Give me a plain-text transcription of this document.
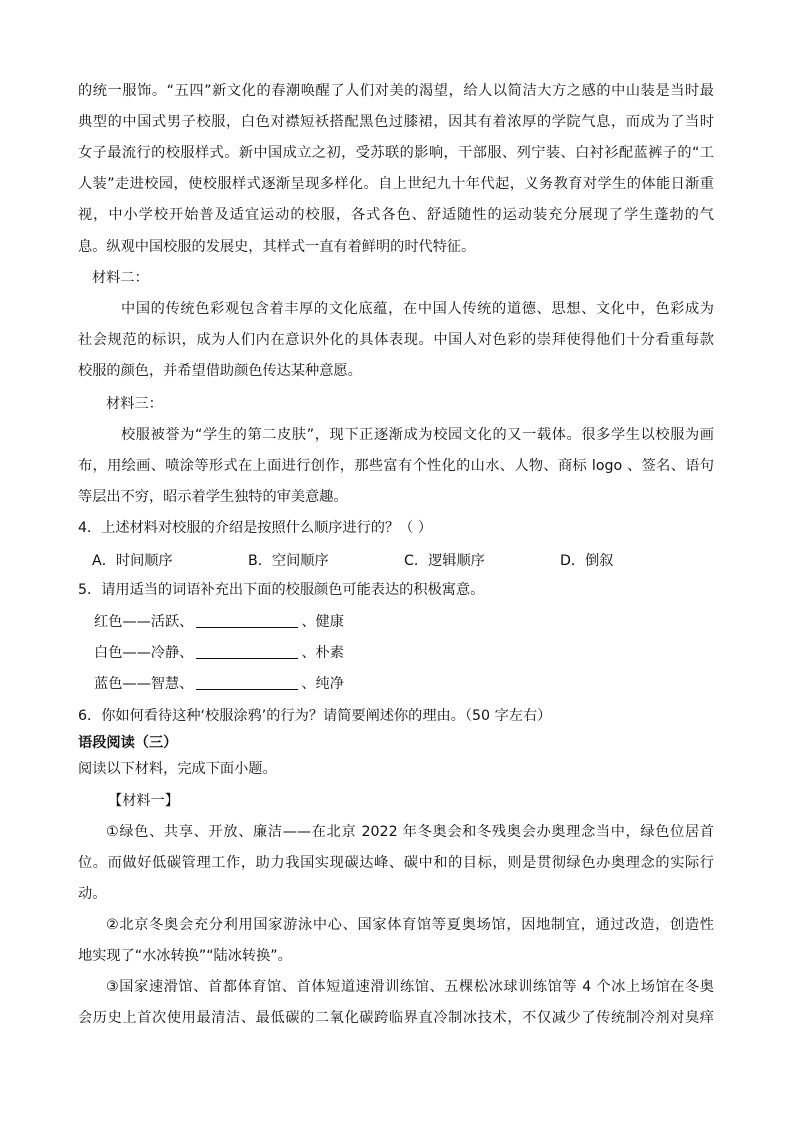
的统一服饰。“五四”新文化的春潮唤醒了人们对美的渴望，给人以简洁大方之感的中山装是当时最
典型的中国式男子校服，白色对襟短袄搭配黑色过膝裙，因其有着浓厚的学院气息，而成为了当时
女子最流行的校服样式。新中国成立之初，受苏联的影响，干部服、列宁装、白衬衫配蓝裤子的“工
人装”走进校园，使校服样式逐渐呈现多样化。自上世纪九十年代起，义务教育对学生的体能日渐重
视，中小学校开始普及适宜运动的校服，各式各色、舒适随性的运动装充分展现了学生蓬勃的气
息。纵观中国校服的发展史，其样式一直有着鲜明的时代特征。
材料二：
中国的传统色彩观包含着丰厚的文化底蕴，在中国人传统的道德、思想、文化中，色彩成为
社会规范的标识，成为人们内在意识外化的具体表现。中国人对色彩的崇拜使得他们十分看重每款
校服的颜色，并希望借助颜色传达某种意愿。
材料三：
校服被誉为“学生的第二皮肤”，现下正逐渐成为校园文化的又一载体。很多学生以校服为画
布，用绘画、喷涂等形式在上面进行创作，那些富有个性化的山水、人物、商标 logo 、签名、语句
等层出不穷，昭示着学生独特的审美意趣。
4．上述材料对校服的介绍是按照什么顺序进行的？（ ）
A．时间顺序	B．空间顺序	C．逻辑顺序	D．倒叙
5．请用适当的词语补充出下面的校服颜色可能表达的积极寓意。
红色——活跃、	、健康
白色——冷静、	、朴素
蓝色——智慧、	、纯净
6．你如何看待这种‘校服涂鸦’的行为？请简要阐述你的理由。（50 字左右）
语段阅读（三）
阅读以下材料，完成下面小题。
【材料一】
①绿色、共享、开放、廉洁——在北京 2022 年冬奥会和冬残奥会办奥理念当中，绿色位居首
位。而做好低碳管理工作，助力我国实现碳达峰、碳中和的目标，则是贯彻绿色办奥理念的实际行
动。
②北京冬奥会充分利用国家游泳中心、国家体育馆等夏奥场馆，因地制宜，通过改造，创造性
地实现了“水冰转换”“陆冰转换”。
③国家速滑馆、首都体育馆、首体短道速滑训练馆、五棵松冰球训练馆等 4 个冰上场馆在冬奥
会历史上首次使用最清洁、最低碳的二氧化碳跨临界直冷制冰技术，不仅减少了传统制冷剂对臭痒
